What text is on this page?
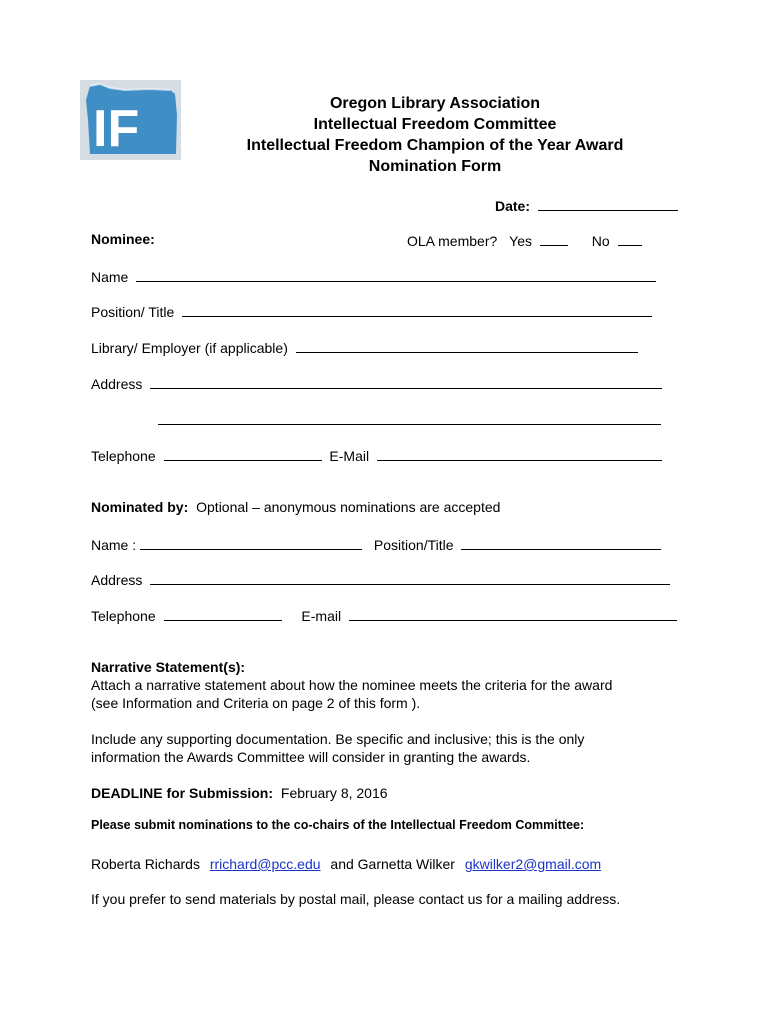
IF	Oregon Library Association
Intellectual Freedom Committee
Intellectual Freedom Champion of the Year Award
Nomination Form
Date:
Nominee:	OLA member? Yes	No
Name
Position/ Title
Library/ Employer (if applicable)
Address
Telephone	E-Mail
Nominated by: Optional – anonymous nominations are accepted
Name :	Position/Title
Address
Telephone	E-mail
Narrative Statement(s):
Attach a narrative statement about how the nominee meets the criteria for the award
(see Information and Criteria on page 2 of this form ).
Include any supporting documentation. Be specific and inclusive; this is the only
information the Awards Committee will consider in granting the awards.
DEADLINE for Submission: February 8, 2016
Please submit nominations to the co-chairs of the Intellectual Freedom Committee:
Roberta Richards rrichard@pcc.edu and Garnetta Wilker gkwilker2@gmail.com
If you prefer to send materials by postal mail, please contact us for a mailing address.
